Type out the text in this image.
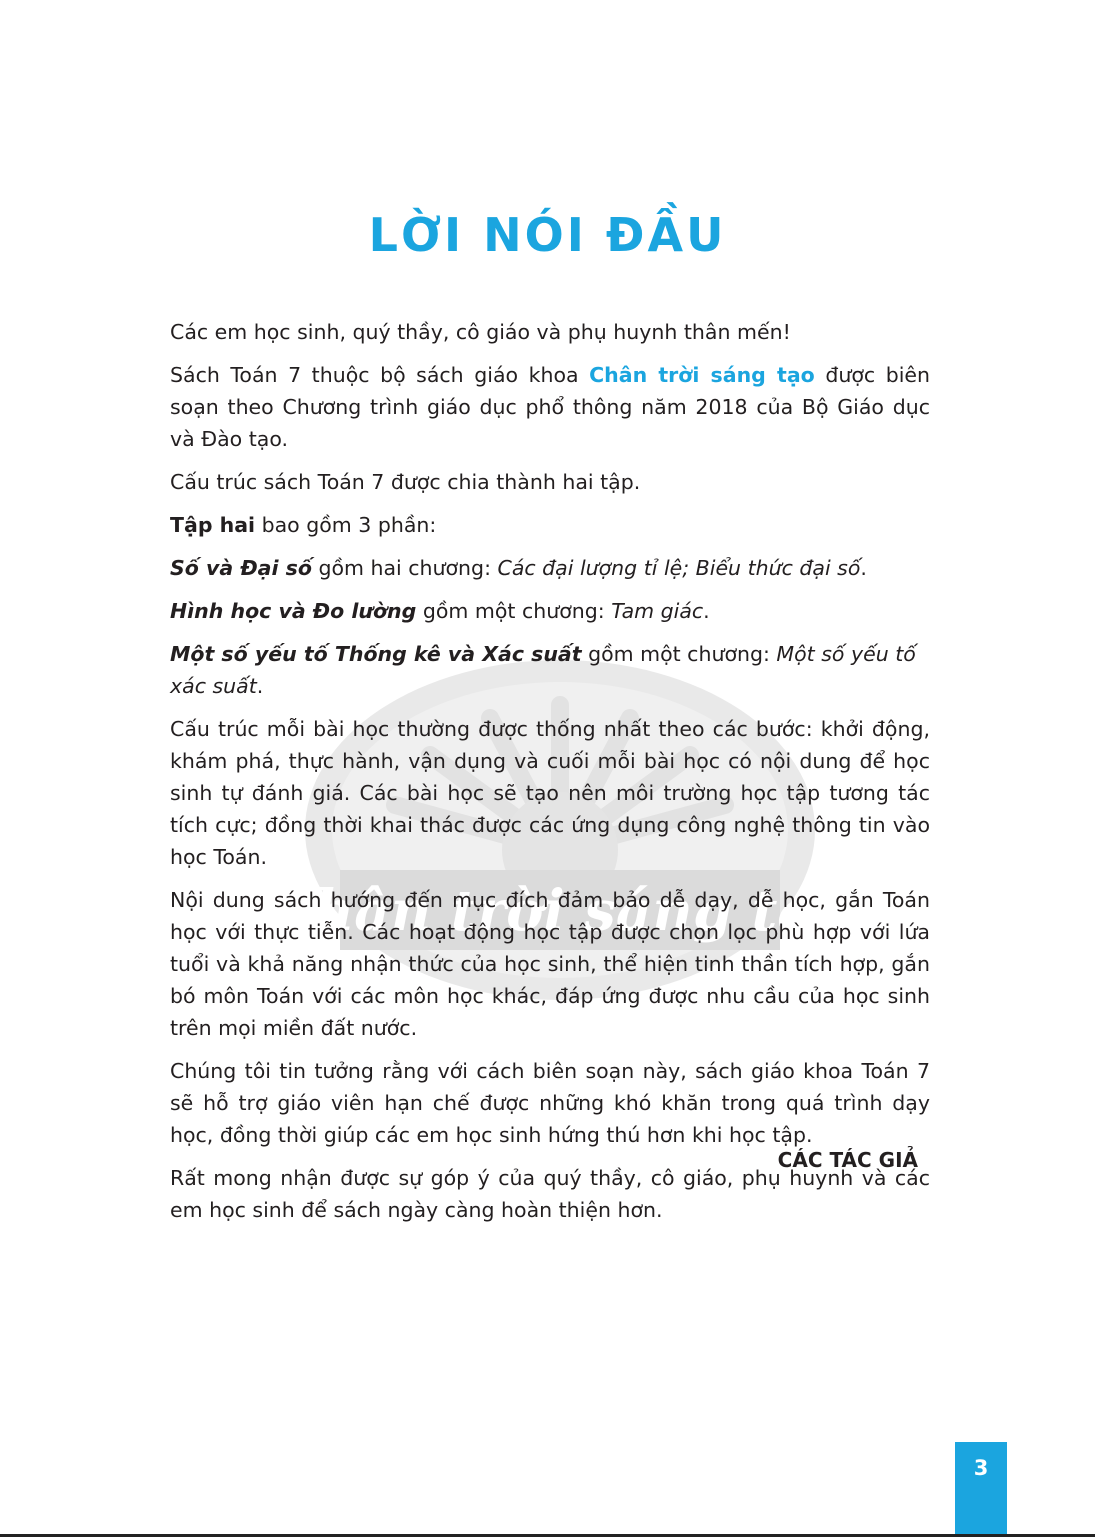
hân trời sáng tạ
LỜI NÓI ĐẦU

Các em học sinh, quý thầy, cô giáo và phụ huynh thân mến!

Sách Toán 7 thuộc bộ sách giáo khoa Chân trời sáng tạo được biên soạn theo Chương trình giáo dục phổ thông năm 2018 của Bộ Giáo dục và Đào tạo.

Cấu trúc sách Toán 7 được chia thành hai tập.

Tập hai bao gồm 3 phần:

Số và Đại số gồm hai chương: Các đại lượng tỉ lệ; Biểu thức đại số.

Hình học và Đo lường gồm một chương: Tam giác.

Một số yếu tố Thống kê và Xác suất gồm một chương: Một số yếu tố xác suất.

Cấu trúc mỗi bài học thường được thống nhất theo các bước: khởi động, khám phá, thực hành, vận dụng và cuối mỗi bài học có nội dung để học sinh tự đánh giá. Các bài học sẽ tạo nên môi trường học tập tương tác tích cực; đồng thời khai thác được các ứng dụng công nghệ thông tin vào học Toán.

Nội dung sách hướng đến mục đích đảm bảo dễ dạy, dễ học, gắn Toán học với thực tiễn. Các hoạt động học tập được chọn lọc phù hợp với lứa tuổi và khả năng nhận thức của học sinh, thể hiện tinh thần tích hợp, gắn bó môn Toán với các môn học khác, đáp ứng được nhu cầu của học sinh trên mọi miền đất nước.

Chúng tôi tin tưởng rằng với cách biên soạn này, sách giáo khoa Toán 7 sẽ hỗ trợ giáo viên hạn chế được những khó khăn trong quá trình dạy học, đồng thời giúp các em học sinh hứng thú hơn khi học tập.

Rất mong nhận được sự góp ý của quý thầy, cô giáo, phụ huynh và các em học sinh để sách ngày càng hoàn thiện hơn.

CÁC TÁC GIẢ
3
